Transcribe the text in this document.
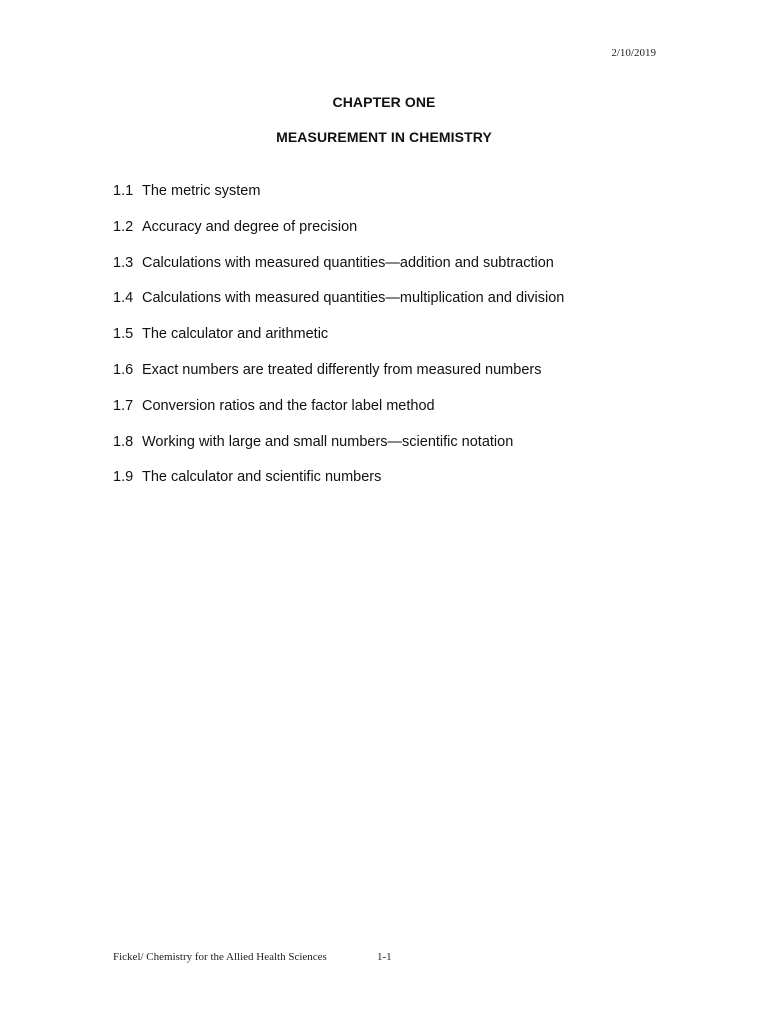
2/10/2019
CHAPTER ONE
MEASUREMENT IN CHEMISTRY
1.1 The metric system
1.2 Accuracy and degree of precision
1.3 Calculations with measured quantities—addition and subtraction
1.4 Calculations with measured quantities—multiplication and division
1.5 The calculator and arithmetic
1.6 Exact numbers are treated differently from measured numbers
1.7 Conversion ratios and the factor label method
1.8 Working with large and small numbers—scientific notation
1.9 The calculator and scientific numbers
Fickel/ Chemistry for the Allied Health Sciences	1-1
